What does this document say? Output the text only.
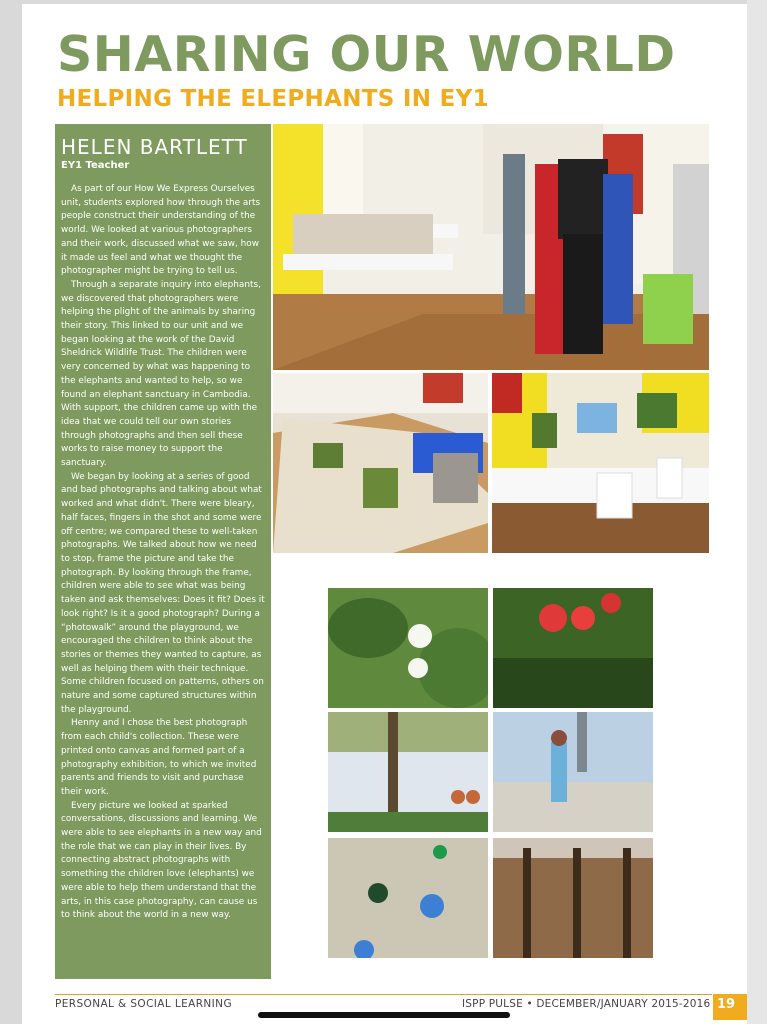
SHARING OUR WORLD
HELPING THE ELEPHANTS IN EY1
HELEN BARTLETT
EY1 Teacher

As part of our How We Express Ourselves unit, students explored how through the arts people construct their understanding of the world. We looked at various photographers and their work, discussed what we saw, how it made us feel and what we thought the photographer might be trying to tell us.

Through a separate inquiry into elephants, we discovered that photographers were helping the plight of the animals by sharing their story. This linked to our unit and we began looking at the work of the David Sheldrick Wildlife Trust. The children were very concerned by what was happening to the elephants and wanted to help, so we found an elephant sanctuary in Cambodia. With support, the children came up with the idea that we could tell our own stories through photographs and then sell these works to raise money to support the sanctuary.

We began by looking at a series of good and bad photographs and talking about what worked and what didn't. There were bleary, half faces, fingers in the shot and some were off centre; we compared these to well-taken photographs. We talked about how we need to stop, frame the picture and take the photograph. By looking through the frame, children were able to see what was being taken and ask themselves: Does it fit? Does it look right? Is it a good photograph? During a “photowalk” around the playground, we encouraged the children to think about the stories or themes they wanted to capture, as well as helping them with their technique. Some children focused on patterns, others on nature and some captured structures within the playground.

Henny and I chose the best photograph from each child's collection. These were printed onto canvas and formed part of a photography exhibition, to which we invited parents and friends to visit and purchase their work.

Every picture we looked at sparked conversations, discussions and learning. We were able to see elephants in a new way and the role that we can play in their lives. By connecting abstract photographs with something the children love (elephants) we were able to help them understand that the arts, in this case photography, can cause us to think about the world in a new way.

PERSONAL & SOCIAL LEARNING	ISPP PULSE • DECEMBER/JANUARY 2015-2016 19
